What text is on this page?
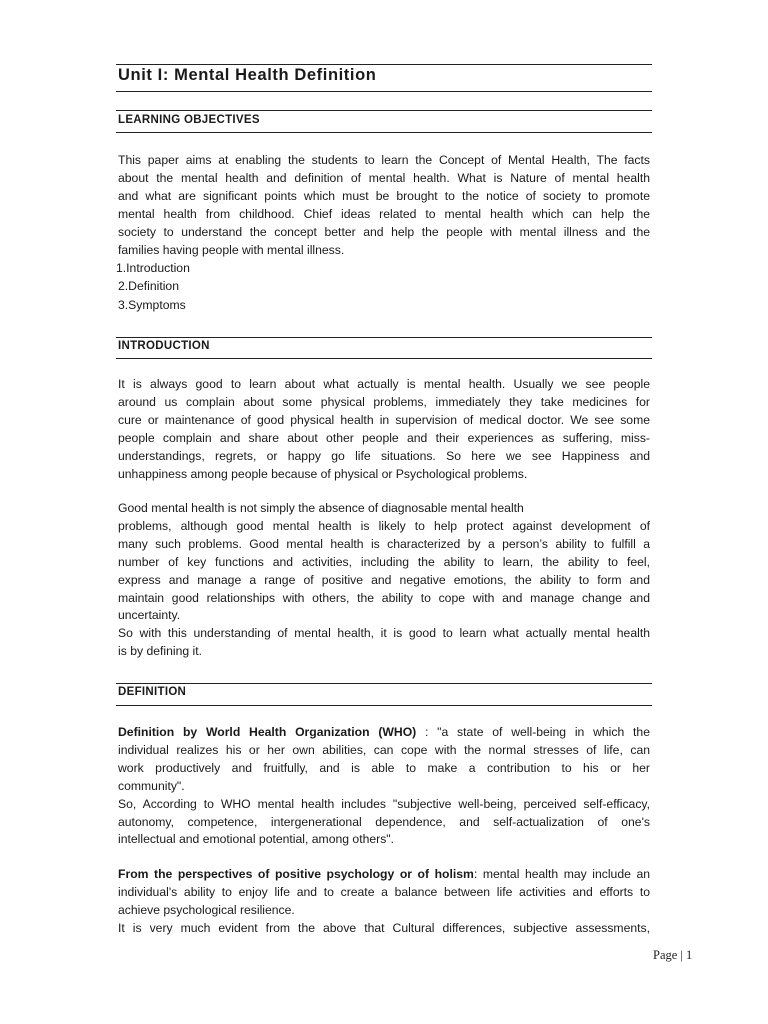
Unit I: Mental Health Definition
LEARNING OBJECTIVES
This paper aims at enabling the students to learn the Concept of Mental Health, The facts
about the mental health and definition of mental health. What is Nature of mental health
and what are significant points which must be brought to the notice of society to promote
mental health from childhood. Chief ideas related to mental health which can help the
society to understand the concept better and help the people with mental illness and the
families having people with mental illness.
1.Introduction
2.Definition
3.Symptoms
INTRODUCTION
It is always good to learn about what actually is mental health. Usually we see people
around us complain about some physical problems, immediately they take medicines for
cure or maintenance of good physical health in supervision of medical doctor. We see some
people complain and share about other people and their experiences as suffering, miss-
understandings, regrets, or happy go life situations. So here we see Happiness and
unhappiness among people because of physical or Psychological problems.
Good mental health is not simply the absence of diagnosable mental health
problems, although good mental health is likely to help protect against development of
many such problems. Good mental health is characterized by a person’s ability to fulfill a
number of key functions and activities, including the ability to learn, the ability to feel,
express and manage a range of positive and negative emotions, the ability to form and
maintain good relationships with others, the ability to cope with and manage change and
uncertainty.
So with this understanding of mental health, it is good to learn what actually mental health
is by defining it.
DEFINITION
Definition by World Health Organization (WHO) : "a state of well-being in which the
individual realizes his or her own abilities, can cope with the normal stresses of life, can
work productively and fruitfully, and is able to make a contribution to his or her
community".
So, According to WHO mental health includes "subjective well-being, perceived self-efficacy,
autonomy, competence, intergenerational dependence, and self-actualization of one's
intellectual and emotional potential, among others".
From the perspectives of positive psychology or of holism: mental health may include an
individual's ability to enjoy life and to create a balance between life activities and efforts to
achieve psychological resilience.
It is very much evident from the above that Cultural differences, subjective assessments,
Page | 1
